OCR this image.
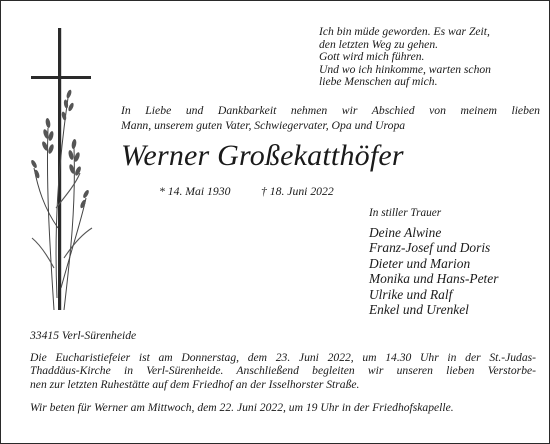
Ich bin müde geworden. Es war Zeit,
den letzten Weg zu gehen.
Gott wird mich führen.
Und wo ich hinkomme, warten schon
liebe Menschen auf mich.
In Liebe und Dankbarkeit nehmen wir Abschied von meinem lieben
Mann, unserem guten Vater, Schwiegervater, Opa und Uropa
Werner Großekatthöfer
* 14. Mai 1930	† 18. Juni 2022
In stiller Trauer
Deine Alwine
Franz-Josef und Doris
Dieter und Marion
Monika und Hans-Peter
Ulrike und Ralf
Enkel und Urenkel
33415 Verl-Sürenheide
Die Eucharistiefeier ist am Donnerstag, dem 23. Juni 2022, um 14.30 Uhr in der St.-Judas-
Thaddäus-Kirche in Verl-Sürenheide. Anschließend begleiten wir unseren lieben Verstorbe-
nen zur letzten Ruhestätte auf dem Friedhof an der Isselhorster Straße.
Wir beten für Werner am Mittwoch, dem 22. Juni 2022, um 19 Uhr in der Friedhofskapelle.
